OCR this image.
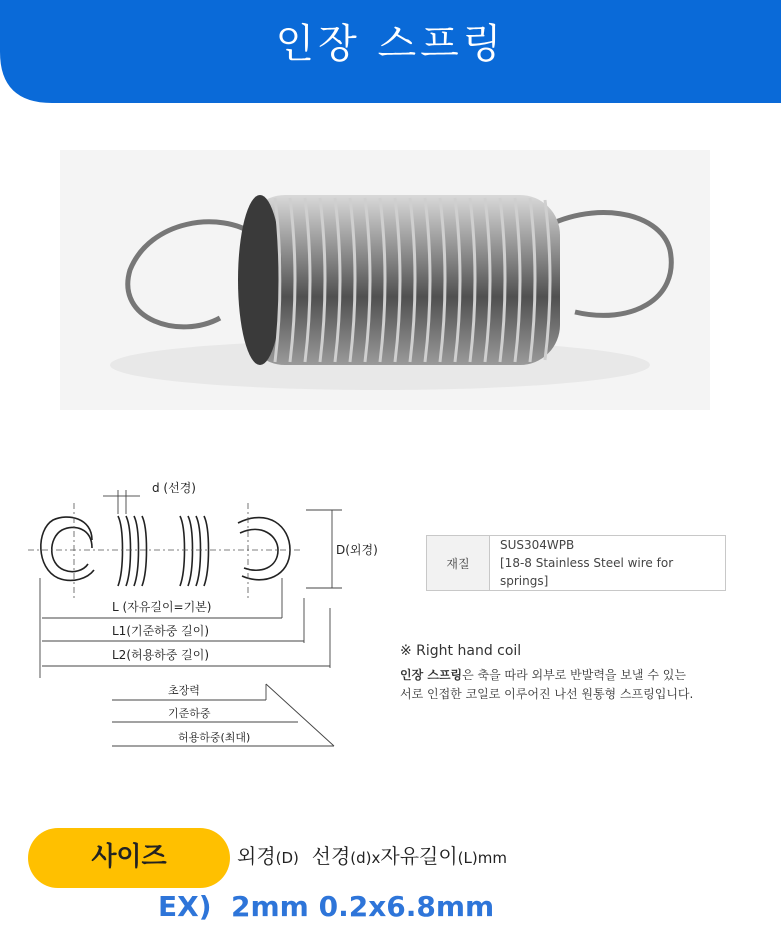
인장 스프링
d (선경)
D(외경)
L (자유길이=기본)
L1(기준하중 길이)
L2(허용하중 길이)
초장력
기준하중
허용하중(최대)
재질	
SUS304WPB
[18-8 Stainless Steel wire for springs]
※ Right hand coil
인장 스프링은 축을 따라 외부로 반발력을 보낼 수 있는
서로 인접한 코일로 이루어진 나선 원통형 스프링입니다.
사이즈	외경(D)  선경(d)x자유길이(L)mm
EX)  2mm 0.2x6.8mm
